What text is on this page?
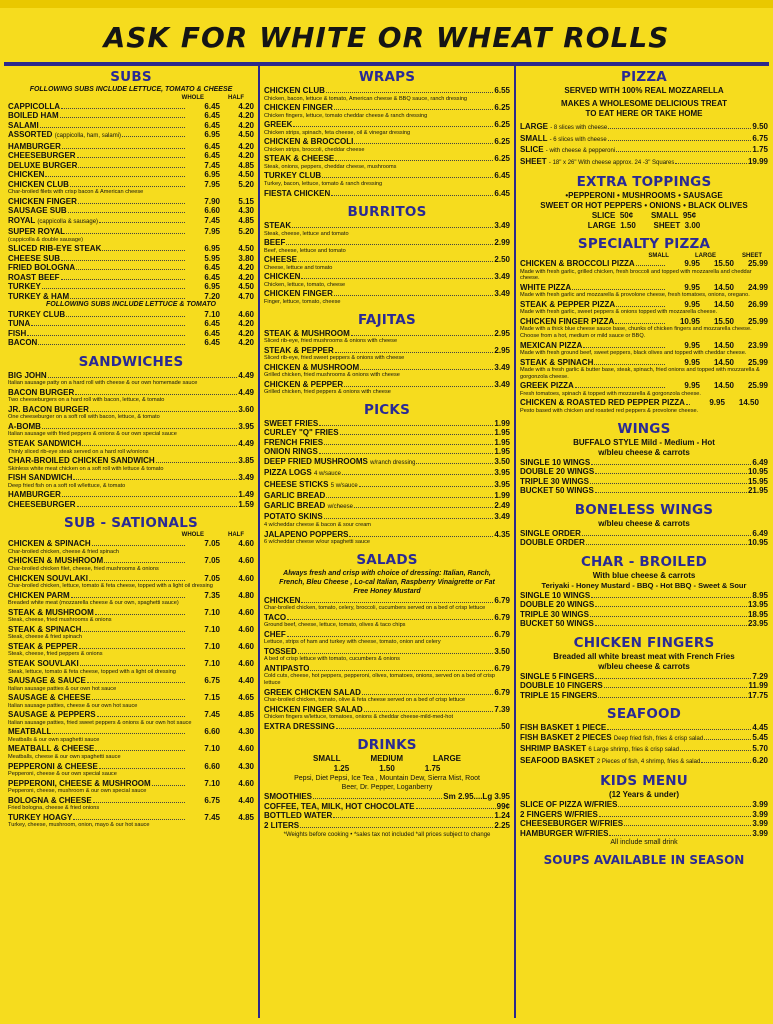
ASK FOR WHITE OR WHEAT ROLLS
SUBS
FOLLOWING SUBS INCLUDE LETTUCE, TOMATO & CHEESE
WHOLE	HALF
CAPPICOLLA	6.45	4.20
BOILED HAM	6.45	4.20
SALAMI	6.45	4.20
ASSORTED (cappicolla, ham, salami)	6.95	4.50
HAMBURGER	6.45	4.20
CHEESEBURGER	6.45	4.20
DELUXE BURGER	7.45	4.85
CHICKEN	6.95	4.50
CHICKEN CLUB	7.95	5.20
Char-broiled filets with crisp bacon & American cheese
CHICKEN FINGER	7.90	5.15
SAUSAGE SUB	6.60	4.30
ROYAL (cappicolla & sausage)	7.45	4.85
SUPER ROYAL	7.95	5.20
(cappicolla & double sausage)
SLICED RIB-EYE STEAK	6.95	4.50
CHEESE SUB	5.95	3.80
FRIED BOLOGNA	6.45	4.20
ROAST BEEF	6.45	4.20
TURKEY	6.95	4.50
TURKEY & HAM	7.20	4.70
FOLLOWING SUBS INCLUDE LETTUCE & TOMATO
TURKEY CLUB	7.10	4.60
TUNA	6.45	4.20
FISH	6.45	4.20
BACON	6.45	4.20
SANDWICHES
BIG JOHN	4.49
Italian sausage patty on a hard roll with cheese & our own homemade sauce
BACON BURGER	4.49
Two cheeseburgers on a hard roll with bacon, lettuce, & tomato
JR. BACON BURGER	3.60
One cheeseburger on a soft roll with bacon, lettuce, & tomato
A-BOMB	3.95
Italian sausage with fried peppers & onions & our own special sauce
STEAK SANDWICH	4.49
Thinly sliced rib-eye steak served on a hard roll w/onions
CHAR-BROILED CHICKEN SANDWICH	3.85
Skinless white meat chicken on a soft roll with lettuce & tomato
FISH SANDWICH	3.49
Deep fried fish on a soft roll w/lettuce, & tomato
HAMBURGER	1.49
CHEESEBURGER	1.59
SUB - SATIONALS
WHOLE	HALF
CHICKEN & SPINACH	7.05	4.60
Char-broiled chicken, cheese & fried spinach
CHICKEN & MUSHROOM	7.05	4.60
Char-broiled chicken filet, cheese, fried mushrooms & onions
CHICKEN SOUVLAKI	7.05	4.60
Char-broiled chicken, lettuce, tomato & feta cheese, topped with a light oil dressing
CHICKEN PARM	7.35	4.80
Breaded white meat (mozzarella cheese & our own, spaghetti sauce)
STEAK & MUSHROOM	7.10	4.60
Steak, cheese, fried mushrooms & onions
STEAK & SPINACH	7.10	4.60
Steak, cheese & fried spinach
STEAK & PEPPER	7.10	4.60
Steak, cheese, fried peppers & onions
STEAK SOUVLAKI	7.10	4.60
Steak, lettuce, tomato & feta cheese, topped with a light oil dressing
SAUSAGE & SAUCE	6.75	4.40
Italian sausage patties & our own hot sauce
SAUSAGE & CHEESE	7.15	4.65
Italian sausage patties, cheese & our own hot sauce
SAUSAGE & PEPPERS	7.45	4.85
Italian sausage patties, fried sweet peppers & onions & our own hot sauce
MEATBALL	6.60	4.30
Meatballs & our own spaghetti sauce
MEATBALL & CHEESE	7.10	4.60
Meatballs, cheese & our own spaghetti sauce
PEPPERONI & CHEESE	6.60	4.30
Pepperoni, cheese & our own special sauce
PEPPERONI, CHEESE & MUSHROOM	7.10	4.60
Pepperoni, cheese, mushroom & our own special sauce
BOLOGNA & CHEESE	6.75	4.40
Fried bologna, cheese & fried onions
TURKEY HOAGY	7.45	4.85
Turkey, cheese, mushroom, onion, mayo & our hot sauce
WRAPS
CHICKEN CLUB	6.55
Chicken, bacon, lettuce & tomato, American cheese & BBQ sauce, ranch dressing
CHICKEN FINGER	6.25
Chicken fingers, lettuce, tomato cheddar cheese & ranch dressing
GREEK	6.25
Chicken strips, spinach, feta cheese, oil & vinegar dressing
CHICKEN & BROCCOLI	6.25
Chicken strips, broccoli, cheddar cheese
STEAK & CHEESE	6.25
Steak, onions, peppers, cheddar cheese, mushrooms
TURKEY CLUB	6.45
Turkey, bacon, lettuce, tomato & ranch dressing
FIESTA CHICKEN	6.45
BURRITOS
STEAK	3.49
Steak, cheese, lettuce and tomato
BEEF	2.99
Beef, cheese, lettuce and tomato
CHEESE	2.50
Cheese, lettuce and tomato
CHICKEN	3.49
Chicken, lettuce, tomato, cheese
CHICKEN FINGER	3.49
Finger, lettuce, tomato, cheese
FAJITAS
STEAK & MUSHROOM	2.95
Sliced rib-eye, fried mushrooms & onions with cheese
STEAK & PEPPER	2.95
Sliced rib-eye, fried sweet peppers & onions with cheese
CHICKEN & MUSHROOM	3.49
Grilled chicken, fried mushrooms & onions with cheese
CHICKEN & PEPPER	3.49
Grilled chicken, fried peppers & onions with cheese
PICKS
SWEET FRIES	1.99
CURLEY "Q" FRIES	1.95
FRENCH FRIES	1.95
ONION RINGS	1.95
DEEP FRIED MUSHROOMS w/ranch dressing	3.50
PIZZA LOGS 4 w/sauce	3.95
CHEESE STICKS 5 w/sauce	3.95
GARLIC BREAD	1.99
GARLIC BREAD w/cheese	2.49
POTATO SKINS	3.49
4 w/cheddar cheese & bacon & sour cream
JALAPENO POPPERS	4.35
6 w/cheddar cheese w/our spaghetti sauce
SALADS
Always fresh and crisp with choice of dressing: Italian, Ranch, French, Bleu Cheese , Lo-cal Italian, Raspberry Vinaigrette or Fat Free Honey Mustard
CHICKEN	6.79
Char-broiled chicken, tomato, celery, broccoli, cucumbers served on a bed of crisp lettuce
TACO	6.79
Ground beef, cheese, lettuce, tomato, olives & taco chips
CHEF	6.79
Lettuce, strips of ham and turkey with cheese, tomato, onion and celery
TOSSED	3.50
A bed of crisp lettuce with tomato, cucumbers & onions
ANTIPASTO	6.79
Cold cuts, cheese, hot peppers, pepperoni, olives, tomatoes, onions, served on a bed of crisp lettuce
GREEK CHICKEN SALAD	6.79
Char-broiled chicken, tomato, olive & feta cheese served on a bed of crisp lettuce
CHICKEN FINGER SALAD	7.39
Chicken fingers w/lettuce, tomatoes, onions & cheddar cheese-mild-med-hot
EXTRA DRESSING	.50
DRINKS
SMALL	MEDIUM	LARGE
1.25	1.50	1.75
Pepsi, Diet Pepsi, Ice Tea , Mountain Dew, Sierra Mist, Root
Beer, Dr. Pepper, Loganberry
SMOOTHIES	Sm 2.95....Lg 3.95
COFFEE, TEA, MILK, HOT CHOCOLATE	99¢
BOTTLED WATER	1.24
2 LITERS	2.25
*Weights before cooking • *sales tax not included *all prices subject to change
PIZZA
SERVED WITH 100% REAL MOZZARELLA
MAKES A WHOLESOME DELICIOUS TREAT
TO EAT HERE OR TAKE HOME
LARGE - 8 slices with cheese	9.50
SMALL - 6 slices with cheese	6.75
SLICE - with cheese & pepperoni	1.75
SHEET - 18" x 26" With cheese approx. 24 -3" Squares	19.99
EXTRA TOPPINGS
•PEPPERONI • MUSHROOMS • SAUSAGE
SWEET OR HOT PEPPERS • ONIONS • BLACK OLIVES
SLICE  50¢        SMALL  95¢
LARGE  1.50        SHEET  3.00
SPECIALTY PIZZA
SMALL	LARGE	SHEET
CHICKEN & BROCCOLI PIZZA	9.95	15.50	25.99
Made with fresh garlic, grilled chicken, fresh broccoli and topped with mozzarella and cheddar cheese.
WHITE PIZZA	9.95	14.50	24.99
Made with fresh garlic and mozzarella & provolone cheese, fresh tomatoes, onions, oregano.
STEAK & PEPPER PIZZA	9.95	14.50	26.99
Made with fresh garlic, sweet peppers & onions topped with mozzarella cheese.
CHICKEN FINGER PIZZA	10.95	15.50	25.99
Made with a thick blue cheese sauce base, chunks of chicken fingers and mozzarella cheese. Choose from a hot, medium or mild sauce or BBQ.
MEXICAN PIZZA	9.95	14.50	23.99
Made with fresh ground beef, sweet peppers, black olives and topped with cheddar cheese.
STEAK & SPINACH	9.95	14.50	25.99
Made with a fresh garlic & butter base, steak, spinach, fried onions and topped with mozzarella & gorgonzola cheese.
GREEK PIZZA	9.95	14.50	25.99
Fresh tomatoes, spinach & topped with mozzarella & gorgonzola cheese.
CHICKEN & ROASTED RED PEPPER PIZZA	9.95	14.50
Pesto based with chicken and roasted red peppers & provolone cheese.
WINGS
BUFFALO STYLE Mild - Medium - Hot
w/bleu cheese & carrots
SINGLE 10 WINGS	6.49
DOUBLE 20 WINGS	10.95
TRIPLE 30 WINGS	15.95
BUCKET 50 WINGS	21.95
BONELESS WINGS
w/bleu cheese & carrots
SINGLE ORDER	6.49
DOUBLE ORDER	10.95
CHAR - BROILED
With blue cheese & carrots
Teriyaki - Honey Mustard - BBQ - Hot BBQ - Sweet & Sour
SINGLE 10 WINGS	8.95
DOUBLE 20 WINGS	13.95
TRIPLE 30 WINGS	18.95
BUCKET 50 WINGS	23.95
CHICKEN FINGERS
Breaded all white breast meat with French Fries
w/bleu cheese & carrots
SINGLE 5 FINGERS	7.29
DOUBLE 10 FINGERS	11.99
TRIPLE 15 FINGERS	17.75
SEAFOOD
FISH BASKET 1 PIECE	4.45
FISH BASKET 2 PIECES Deep fried fish, fries & crisp salad	5.45
SHRIMP BASKET 6 Large shrimp, fries & crisp salad	5.70
SEAFOOD BASKET 2 Pieces of fish, 4 shrimp, fries & salad	6.20
KIDS MENU
(12 Years & under)
SLICE OF PIZZA W/FRIES	3.99
2 FINGERS W/FRIES	3.99
CHEESEBURGER W/FRIES	3.99
HAMBURGER W/FRIES	3.99
All include small drink
SOUPS AVAILABLE IN SEASON
